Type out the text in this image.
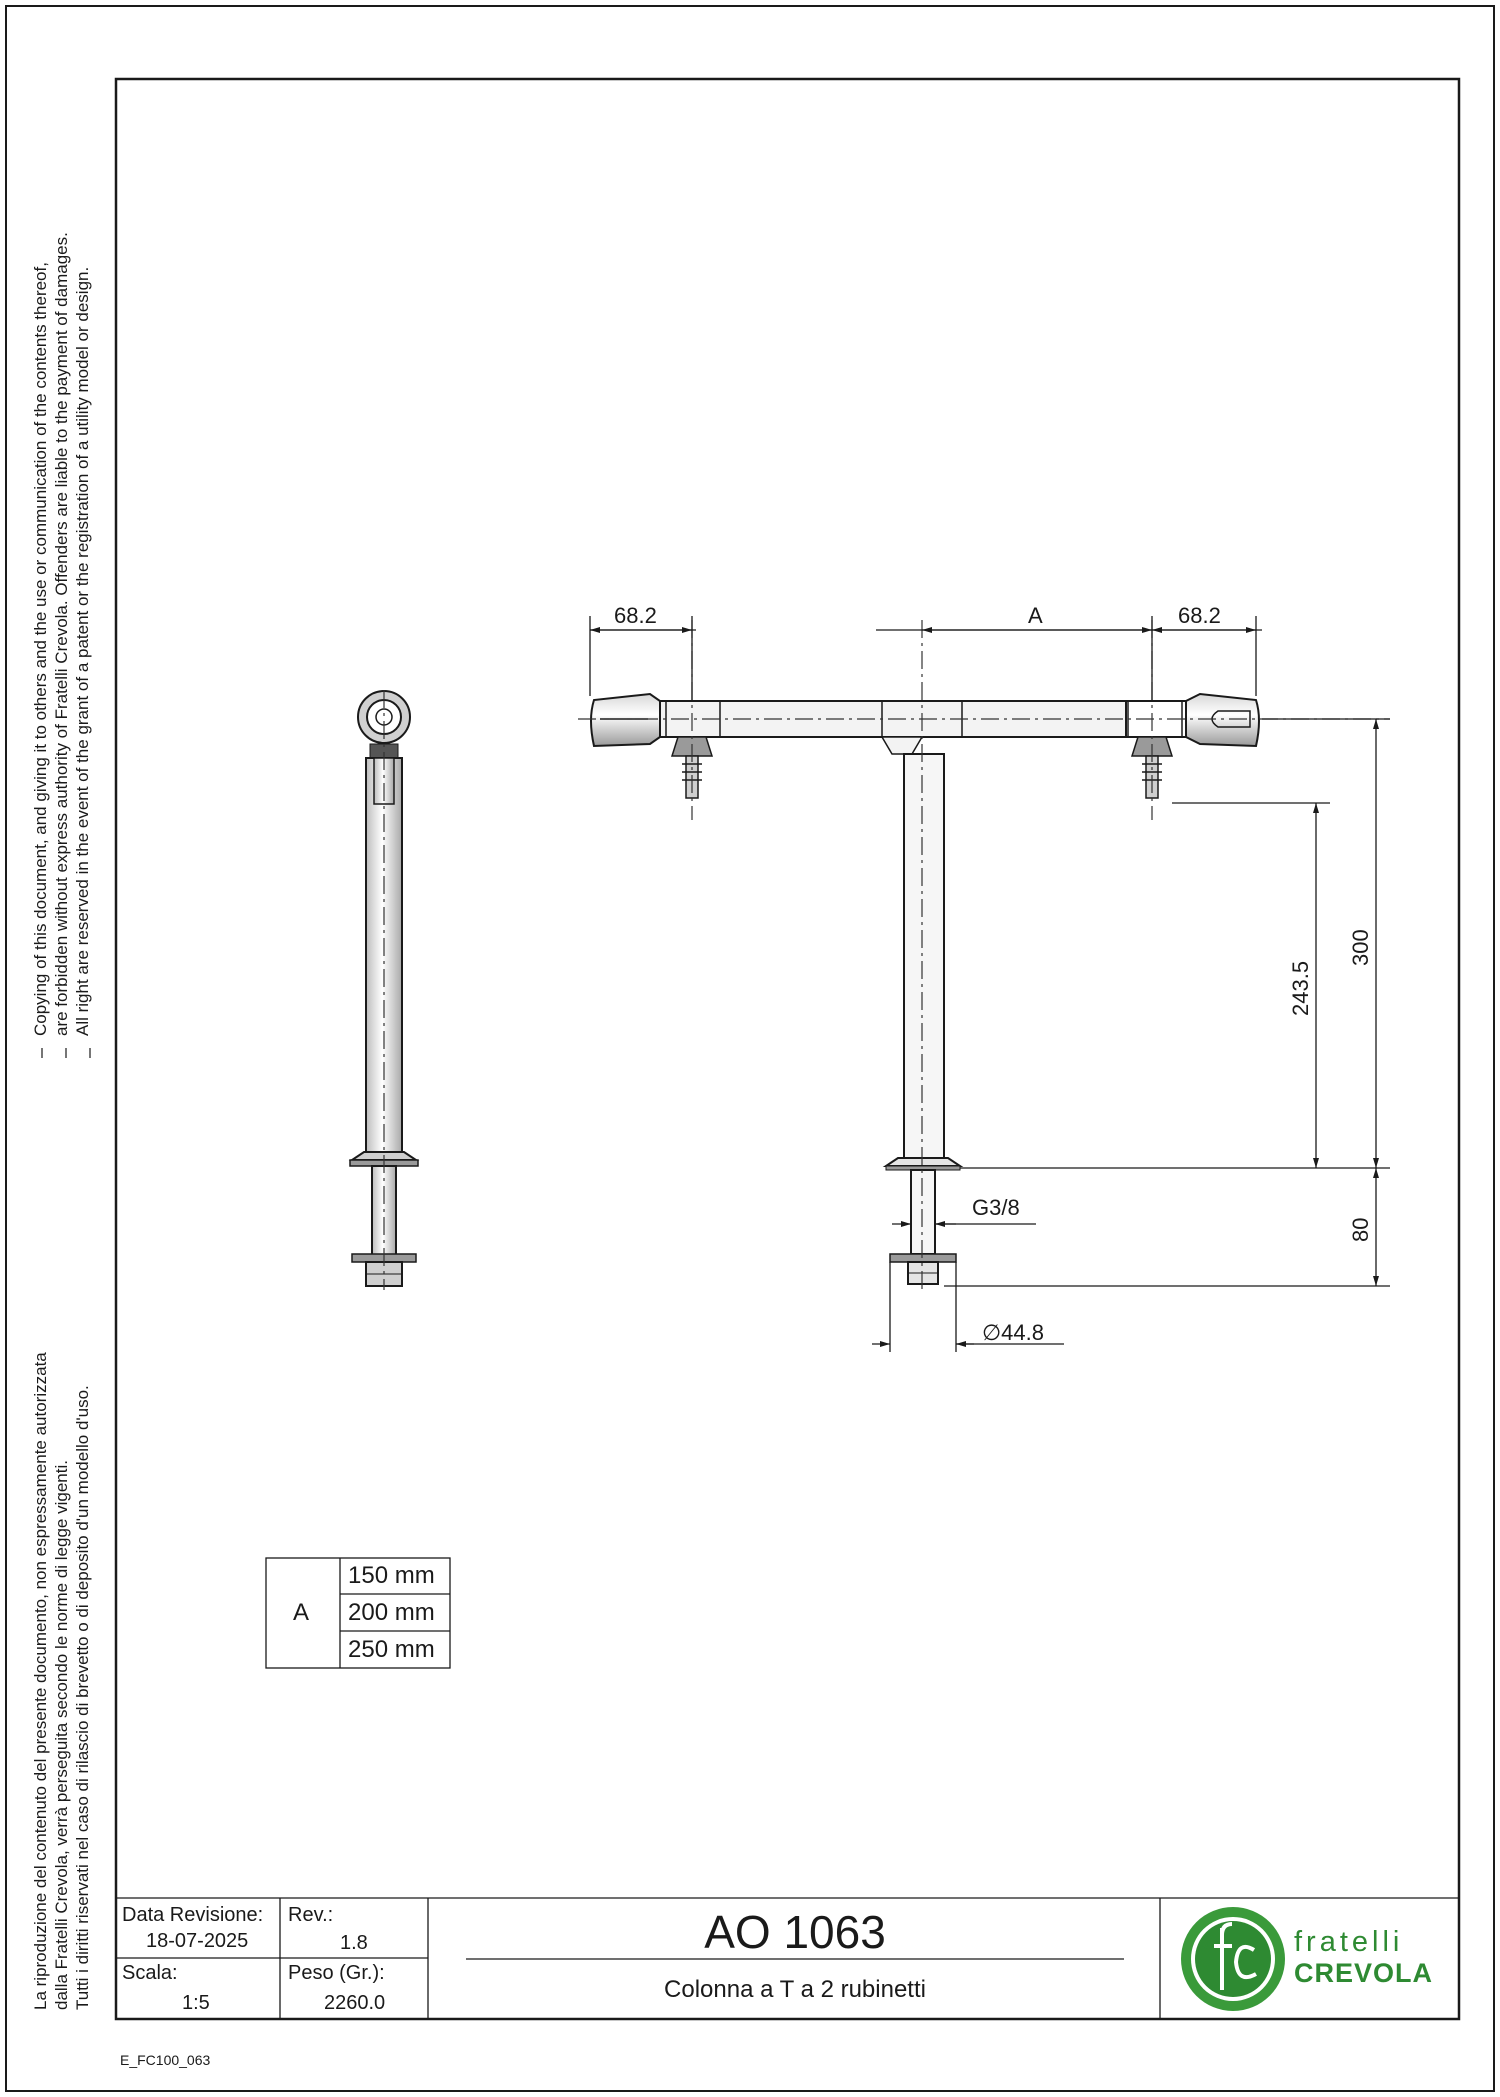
Copying of this document, and giving it to others and the use or communication of the contents thereof, are forbidden without express authority of Fratelli Crevola. Offenders are liable to the payment of damages. All right are reserved in the event of the grant of a patent or the registration of a utility model or design.
La riproduzione del contenuto del presente documento, non espressamente autorizzata dalla Fratelli Crevola, verrà perseguita secondo le norme di legge vigenti. Tutti i diritti riservati nel caso di rilascio di brevetto o di deposito d'un modello d'uso.
68.2	A	68.2
243.5
300
80
G3/8
∅44.8
A
150 mm
200 mm
250 mm
Data Revisione:
18-07-2025
Rev.:
1.8
Scala:
1:5
Peso (Gr.):
2260.0
AO 1063
Colonna a T a 2 rubinetti
fratelli
CREVOLA
E_FC100_063
